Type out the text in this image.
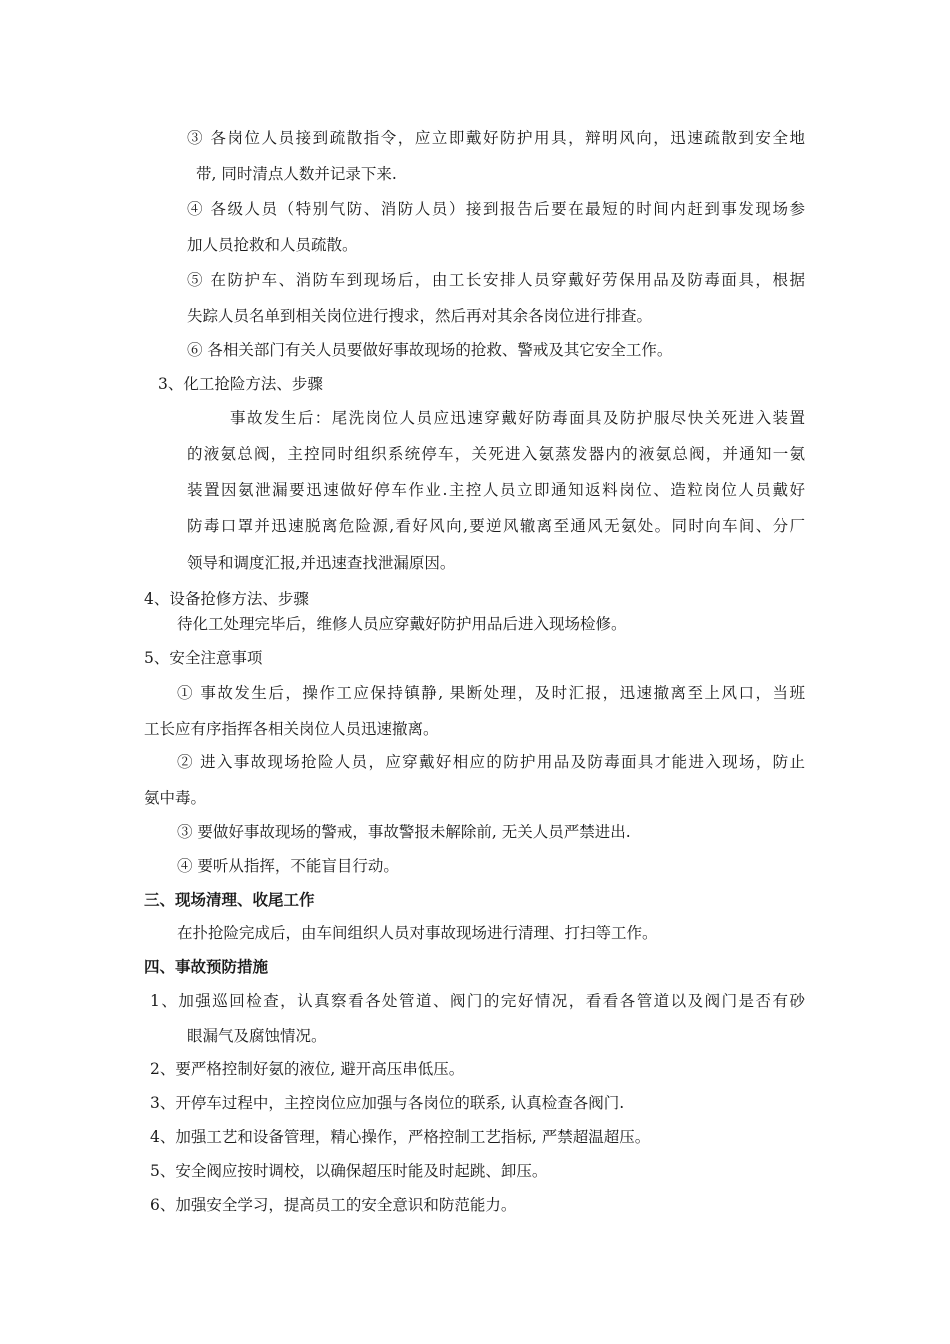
③ 各岗位人员接到疏散指令，应立即戴好防护用具，辩明风向，迅速疏散到安全地
带, 同时清点人数并记录下来.
④ 各级人员（特别气防、消防人员）接到报告后要在最短的时间内赶到事发现场参
加人员抢救和人员疏散。
⑤ 在防护车、消防车到现场后，由工长安排人员穿戴好劳保用品及防毒面具，根据
失踪人员名单到相关岗位进行搜求，然后再对其余各岗位进行排查。
⑥ 各相关部门有关人员要做好事故现场的抢救、警戒及其它安全工作。
3、化工抢险方法、步骤
事故发生后：尾洗岗位人员应迅速穿戴好防毒面具及防护服尽快关死进入装置
的液氨总阀，主控同时组织系统停车，关死进入氨蒸发器内的液氨总阀，并通知一氨
装置因氨泄漏要迅速做好停车作业.主控人员立即通知返料岗位、造粒岗位人员戴好
防毒口罩并迅速脱离危险源,看好风向,要逆风辙离至通风无氨处。同时向车间、分厂
领导和调度汇报,并迅速查找泄漏原因。
4、设备抢修方法、步骤
待化工处理完毕后，维修人员应穿戴好防护用品后进入现场检修。
5、安全注意事项
① 事故发生后，操作工应保持镇静, 果断处理，及时汇报，迅速撤离至上风口，当班
工长应有序指挥各相关岗位人员迅速撤离。
② 进入事故现场抢险人员，应穿戴好相应的防护用品及防毒面具才能进入现场，防止
氨中毒。
③ 要做好事故现场的警戒，事故警报未解除前, 无关人员严禁进出.
④ 要听从指挥，不能盲目行动。
三、现场清理、收尾工作
在扑抢险完成后，由车间组织人员对事故现场进行清理、打扫等工作。
四、事故预防措施
1、加强巡回检查，认真察看各处管道、阀门的完好情况，看看各管道以及阀门是否有砂
眼漏气及腐蚀情况。
2、要严格控制好氨的液位, 避开高压串低压。
3、开停车过程中，主控岗位应加强与各岗位的联系, 认真检查各阀门.
4、加强工艺和设备管理，精心操作，严格控制工艺指标, 严禁超温超压。
5、安全阀应按时调校，以确保超压时能及时起跳、卸压。
6、加强安全学习，提高员工的安全意识和防范能力。
